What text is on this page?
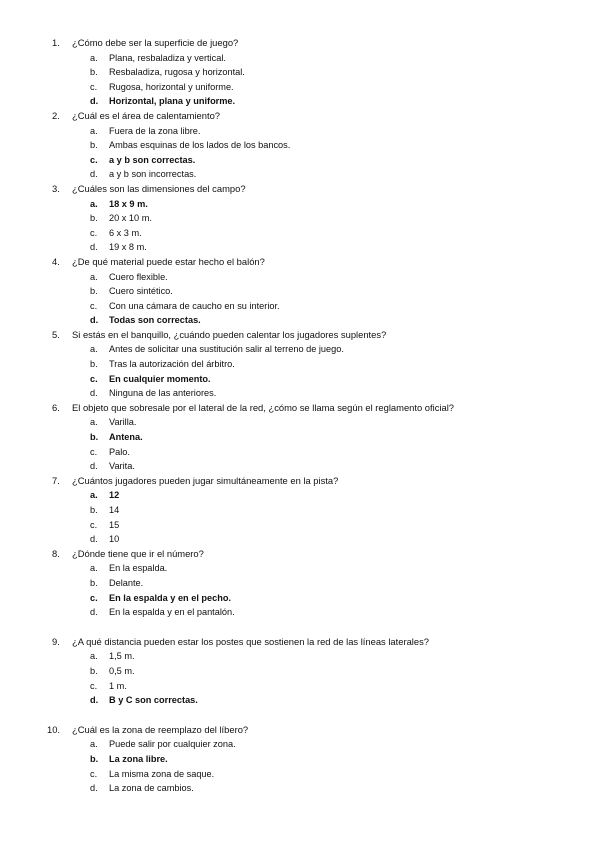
1. ¿Cómo debe ser la superficie de juego?
a. Plana, resbaladiza y vertical.
b. Resbaladiza, rugosa y horizontal.
c. Rugosa, horizontal y uniforme.
d. Horizontal, plana y uniforme.
2. ¿Cuál es el área de calentamiento?
a. Fuera de la zona libre.
b. Ambas esquinas de los lados de los bancos.
c. a y b son correctas.
d. a y b son incorrectas.
3. ¿Cuáles son las dimensiones del campo?
a. 18 x 9 m.
b. 20 x 10 m.
c. 6 x 3 m.
d. 19 x 8 m.
4. ¿De qué material puede estar hecho el balón?
a. Cuero flexible.
b. Cuero sintético.
c. Con una cámara de caucho en su interior.
d. Todas son correctas.
5. Si estás en el banquillo, ¿cuándo pueden calentar los jugadores suplentes?
a. Antes de solicitar una sustitución salir al terreno de juego.
b. Tras la autorización del árbitro.
c. En cualquier momento.
d. Ninguna de las anteriores.
6. El objeto que sobresale por el lateral de la red, ¿cómo se llama según el reglamento oficial?
a. Varilla.
b. Antena.
c. Palo.
d. Varita.
7. ¿Cuántos jugadores pueden jugar simultáneamente en la pista?
a. 12
b. 14
c. 15
d. 10
8. ¿Dónde tiene que ir el número?
a. En la espalda.
b. Delante.
c. En la espalda y en el pecho.
d. En la espalda y en el pantalón.
9. ¿A qué distancia pueden estar los postes que sostienen la red de las líneas laterales?
a. 1,5 m.
b. 0,5 m.
c. 1 m.
d. B y C son correctas.
10. ¿Cuál es la zona de reemplazo del líbero?
a. Puede salir por cualquier zona.
b. La zona libre.
c. La misma zona de saque.
d. La zona de cambios.
